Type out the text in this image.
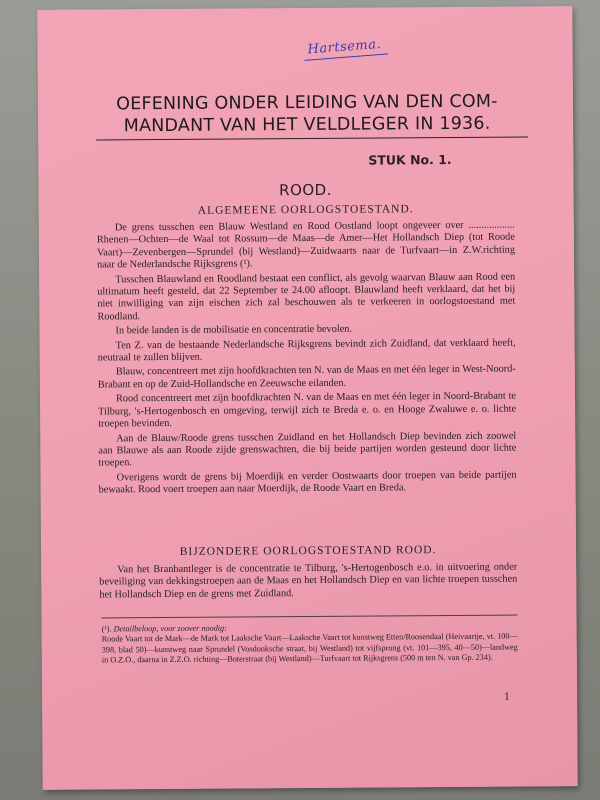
Hartsema.
OEFENING ONDER LEIDING VAN DEN COM-
MANDANT VAN HET VELDLEGER IN 1936.
STUK No. 1.
ROOD.
ALGEMEENE OORLOGSTOESTAND.

De grens tusschen een Blauw Westland en Rood Oostland loopt ongeveer over .................. Rhenen—Ochten—de Waal tot Rossum—de Maas—de Amer—Het Hollandsch Diep (tot Roode Vaart)—Zevenbergen—Sprundel (bij Westland)—Zuidwaarts naar de Turfvaart—in Z.W.richting naar de Nederlandsche Rijksgrens (¹).

Tusschen Blauwland en Roodland bestaat een conflict, als gevolg waarvan Blauw aan Rood een ultimatum heeft gesteld, dat 22 September te 24.00 afloopt. Blauwland heeft verklaard, dat het bij niet inwilliging van zijn eischen zich zal beschouwen als te verkeeren in oorlogstoestand met Roodland.

In beide landen is de mobilisatie en concentratie bevolen.

Ten Z. van de bestaande Nederlandsche Rijksgrens bevindt zich Zuidland, dat verklaard heeft, neutraal te zullen blijven.

Blauw, concentreert met zijn hoofdkrachten ten N. van de Maas en met één leger in West-Noord-Brabant en op de Zuid-Hollandsche en Zeeuwsche eilanden.

Rood concentreert met zijn hoofdkrachten N. van de Maas en met één leger in Noord-Brabant te Tilburg, 's-Hertogenbosch en omgeving, terwijl zich te Breda e. o. en Hooge Zwaluwe e. o. lichte troepen bevinden.

Aan de Blauw/Roode grens tusschen Zuidland en het Hollandsch Diep bevinden zich zoowel aan Blauwe als aan Roode zijde grenswachten, die bij beide partijen worden gesteund door lichte troepen.

Overigens wordt de grens bij Moerdijk en verder Oostwaarts door troepen van beide partijen bewaakt. Rood voert troepen aan naar Moerdijk, de Roode Vaart en Breda.

BIJZONDERE OORLOGSTOESTAND ROOD.

Van het Branbantleger is de concentratie te Tilburg, 's-Hertogenbosch e.o. in uitvoering onder beveiliging van dekkingstroepen aan de Maas en het Hollandsch Diep en van lichte troepen tusschen het Hollandsch Diep en de grens met Zuidland.

(¹). Detailbeloop, voor zoover noodig:
Roode Vaart tot de Mark—de Mark tot Laaksche Vaart—Laaksche Vaart tot kunstweg Etten/Roosendaal (Heivaartje, vt. 100—398, blad 50)—kunstweg naar Sprundel (Vosdonksche straat, bij Westland) tot vijfsprong (vt. 101—395, 40—50)—landweg in O.Z.O., daarna in Z.Z.O. richting—Boterstraat (bij Westland)—Turfvaart tot Rijksgrens (500 m ten N. van Gp. 234).
1
